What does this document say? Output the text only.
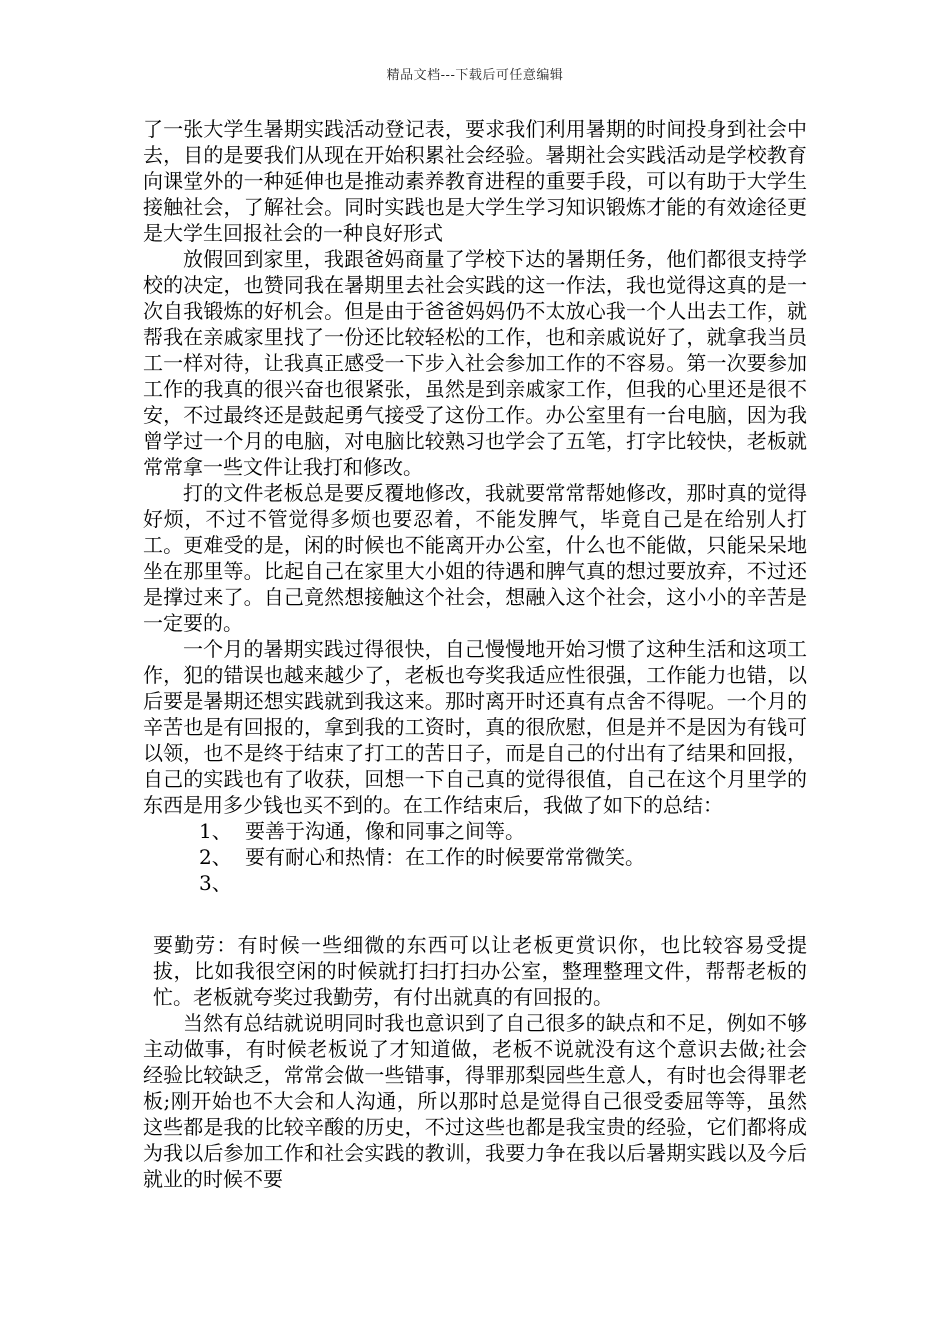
精品文档---下载后可任意编辑

了一张大学生暑期实践活动登记表，要求我们利用暑期的时间投身到社会中去，目的是要我们从现在开始积累社会经验。暑期社会实践活动是学校教育向课堂外的一种延伸也是推动素养教育进程的重要手段，可以有助于大学生接触社会，了解社会。同时实践也是大学生学习知识锻炼才能的有效途径更是大学生回报社会的一种良好形式

放假回到家里，我跟爸妈商量了学校下达的暑期任务，他们都很支持学校的决定，也赞同我在暑期里去社会实践的这一作法，我也觉得这真的是一次自我锻炼的好机会。但是由于爸爸妈妈仍不太放心我一个人出去工作，就帮我在亲戚家里找了一份还比较轻松的工作，也和亲戚说好了，就拿我当员工一样对待，让我真正感受一下步入社会参加工作的不容易。第一次要参加工作的我真的很兴奋也很紧张，虽然是到亲戚家工作，但我的心里还是很不安，不过最终还是鼓起勇气接受了这份工作。办公室里有一台电脑，因为我曾学过一个月的电脑，对电脑比较熟习也学会了五笔，打字比较快，老板就常常拿一些文件让我打和修改。

打的文件老板总是要反覆地修改，我就要常常帮她修改，那时真的觉得好烦，不过不管觉得多烦也要忍着，不能发脾气，毕竟自己是在给别人打工。更难受的是，闲的时候也不能离开办公室，什么也不能做，只能呆呆地坐在那里等。比起自己在家里大小姐的待遇和脾气真的想过要放弃，不过还是撑过来了。自己竟然想接触这个社会，想融入这个社会，这小小的辛苦是一定要的。

一个月的暑期实践过得很快，自己慢慢地开始习惯了这种生活和这项工作，犯的错误也越来越少了，老板也夸奖我适应性很强，工作能力也错，以后要是暑期还想实践就到我这来。那时离开时还真有点舍不得呢。一个月的辛苦也是有回报的，拿到我的工资时，真的很欣慰，但是并不是因为有钱可以领，也不是终于结束了打工的苦日子，而是自己的付出有了结果和回报，自己的实践也有了收获，回想一下自己真的觉得很值，自己在这个月里学的东西是用多少钱也买不到的。在工作结束后，我做了如下的总结：

1、 要善于沟通，像和同事之间等。
2、 要有耐心和热情：在工作的时候要常常微笑。
3、

要勤劳：有时候一些细微的东西可以让老板更赏识你，也比较容易受提拔，比如我很空闲的时候就打扫打扫办公室，整理整理文件，帮帮老板的忙。老板就夸奖过我勤劳，有付出就真的有回报的。

当然有总结就说明同时我也意识到了自己很多的缺点和不足，例如不够主动做事，有时候老板说了才知道做，老板不说就没有这个意识去做;社会经验比较缺乏，常常会做一些错事，得罪那梨园些生意人，有时也会得罪老板;刚开始也不大会和人沟通，所以那时总是觉得自己很受委屈等等，虽然这些都是我的比较辛酸的历史，不过这些也都是我宝贵的经验，它们都将成为我以后参加工作和社会实践的教训，我要力争在我以后暑期实践以及今后就业的时候不要
